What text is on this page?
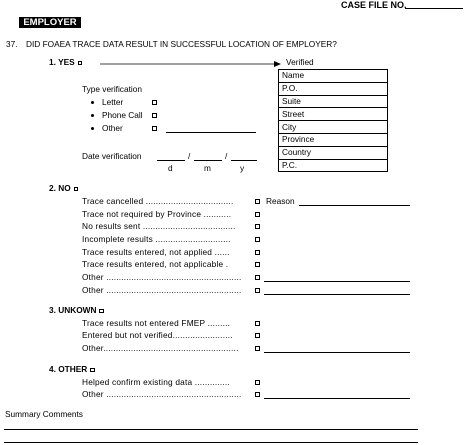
CASE FILE NO.
EMPLOYER
37. DID FOAEA TRACE DATA RESULT IN SUCCESSFUL LOCATION OF EMPLOYER?
1. YES	Verified
Name
P.O.
Suite
Street
City
Province
Country
P.C.
Type verification
Letter
Phone Call
Other
Date verification	/	/
d	m	y
2. NO
Trace cancelled ...................................	Reason
Trace not required by Province ...........
No results sent .....................................
Incomplete results ..............................
Trace results entered, not applied ......
Trace results entered, not applicable .
Other ......................................................
Other ......................................................
3. UNKOWN
Trace results not entered FMEP .........
Entered but not verified........................
Other......................................................
4. OTHER
Helped confirm existing data ..............
Other ......................................................
Summary Comments
